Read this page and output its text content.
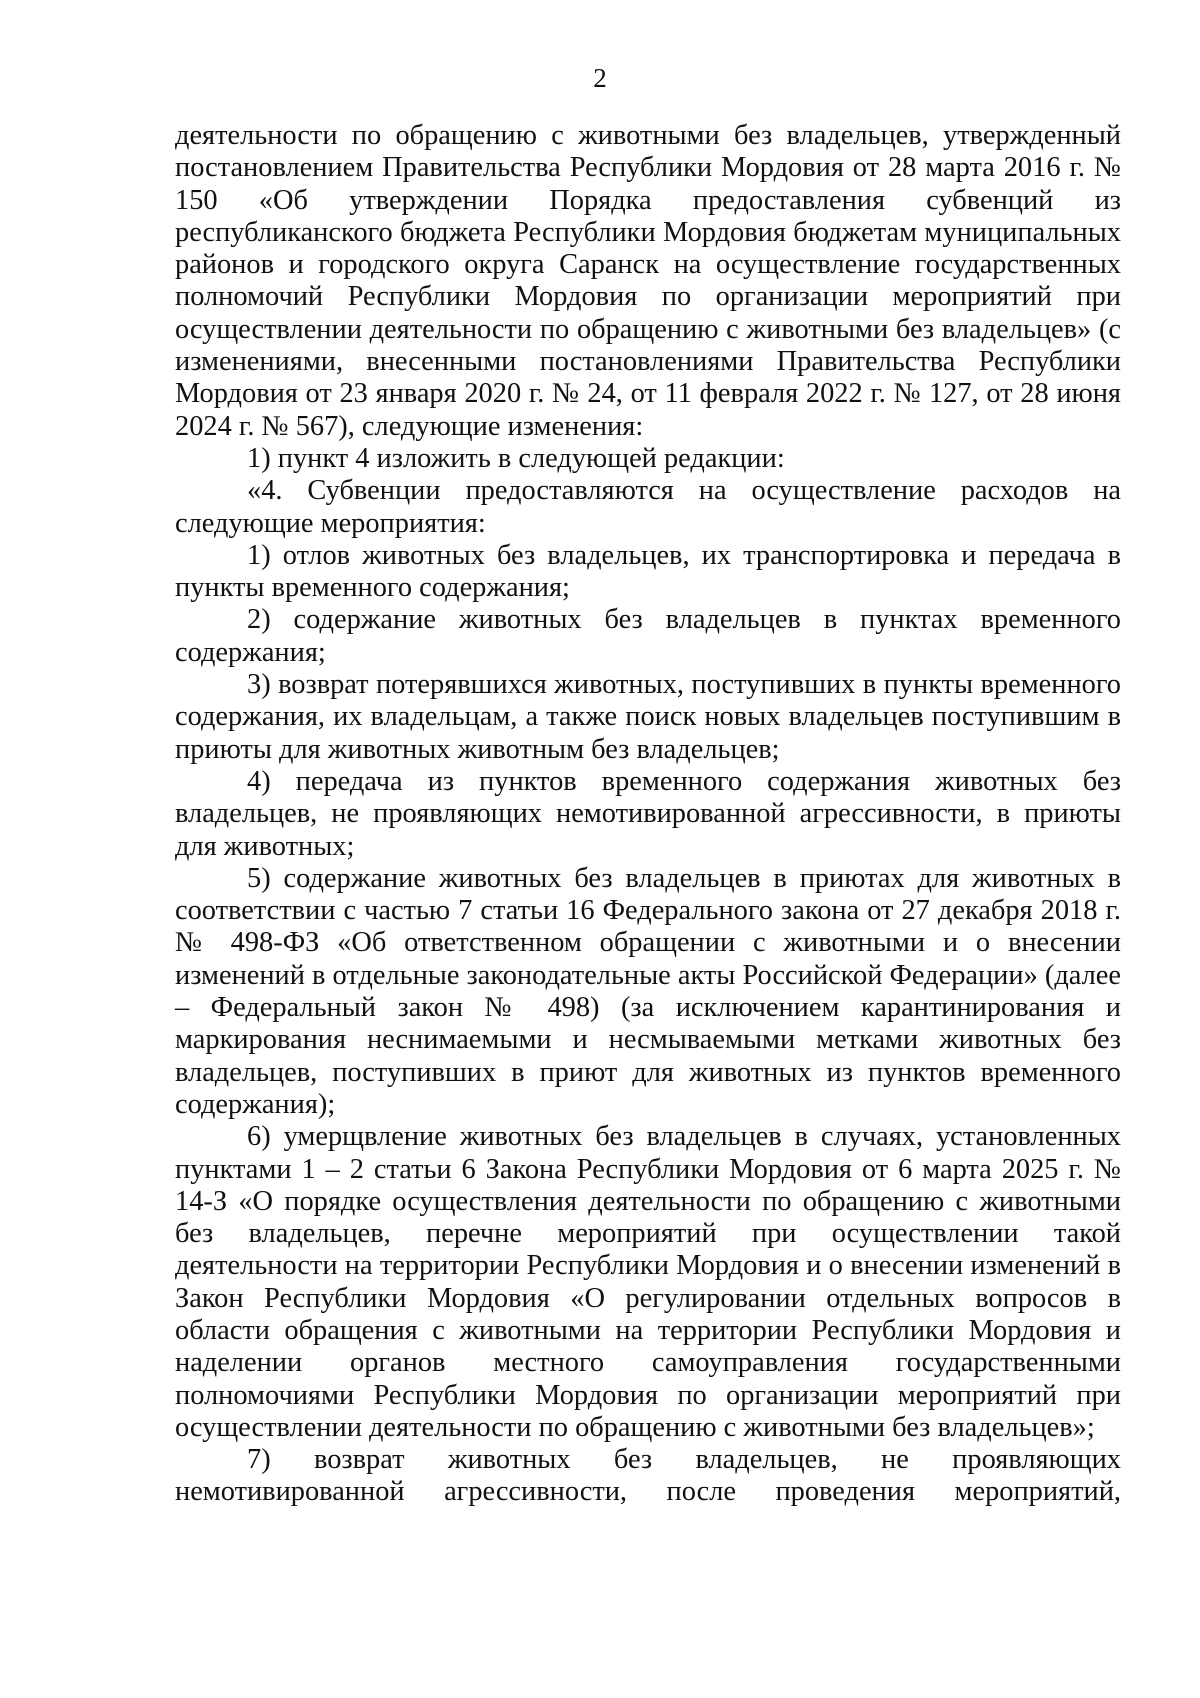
2

деятельности по обращению с животными без владельцев, утвержденный постановлением Правительства Республики Мордовия от 28 марта 2016 г. № 150 «Об утверждении Порядка предоставления субвенций из республиканского бюджета Республики Мордовия бюджетам муниципальных районов и городского округа Саранск на осуществление государственных полномочий Республики Мордовия по организации мероприятий при осуществлении деятельности по обращению с животными без владельцев» (с изменениями, внесенными постановлениями Правительства Республики Мордовия от 23 января 2020 г. № 24, от 11 февраля 2022 г. № 127, от 28 июня 2024 г. № 567), следующие изменения:

1) пункт 4 изложить в следующей редакции:

«4. Субвенции предоставляются на осуществление расходов на следующие мероприятия:

1) отлов животных без владельцев, их транспортировка и передача в пункты временного содержания;

2) содержание животных без владельцев в пунктах временного содержания;

3) возврат потерявшихся животных, поступивших в пункты временного содержания, их владельцам, а также поиск новых владельцев поступившим в приюты для животных животным без владельцев;

4) передача из пунктов временного содержания животных без владельцев, не проявляющих немотивированной агрессивности, в приюты для животных;

5) содержание животных без владельцев в приютах для животных в соответствии с частью 7 статьи 16 Федерального закона от 27 декабря 2018 г. № 498-ФЗ «Об ответственном обращении с животными и о внесении изменений в отдельные законодательные акты Российской Федерации» (далее – Федеральный закон № 498) (за исключением карантинирования и маркирования неснимаемыми и несмываемыми метками животных без владельцев, поступивших в приют для животных из пунктов временного содержания);

6) умерщвление животных без владельцев в случаях, установленных пунктами 1 – 2 статьи 6 Закона Республики Мордовия от 6 марта 2025 г. № 14-З «О порядке осуществления деятельности по обращению с животными без владельцев, перечне мероприятий при осуществлении такой деятельности на территории Республики Мордовия и о внесении изменений в Закон Республики Мордовия «О регулировании отдельных вопросов в области обращения с животными на территории Республики Мордовия и наделении органов местного самоуправления государственными полномочиями Республики Мордовия по организации мероприятий при осуществлении деятельности по обращению с животными без владельцев»;

7) возврат животных без владельцев, не проявляющих немотивированной агрессивности, после проведения мероприятий,
